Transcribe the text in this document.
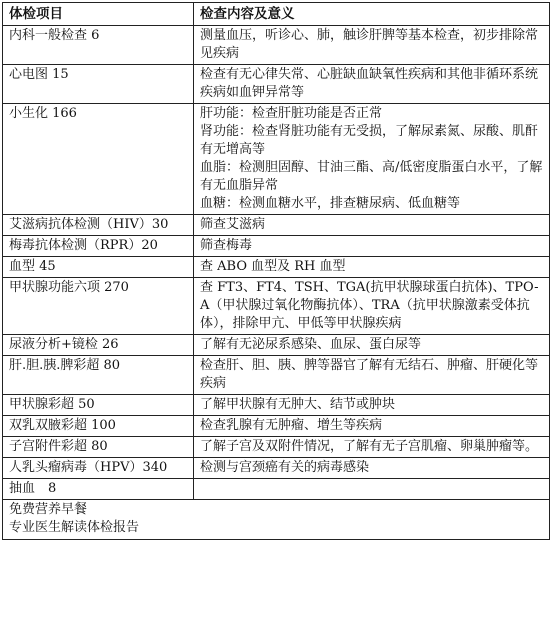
体检项目	检查内容及意义
内科一般检查 6	测量血压，听诊心、肺，触诊肝脾等基本检查，初步排除常见疾病

心电图 15	检查有无心律失常、心脏缺血缺氧性疾病和其他非循环系统疾病如血钾异常等

小生化 166	肝功能：检查肝脏功能是否正常
肾功能：检查肾脏功能有无受损，了解尿素氮、尿酸、肌酐有无增高等
血脂：检测胆固醇、甘油三酯、高/低密度脂蛋白水平，了解有无血脂异常
血糖：检测血糖水平，排查糖尿病、低血糖等

艾滋病抗体检测（HIV）30	筛查艾滋病

梅毒抗体检测（RPR）20	筛查梅毒

血型 45	查 ABO 血型及 RH 血型

甲状腺功能六项 270	查 FT3、FT4、TSH、TGA(抗甲状腺球蛋白抗体)、TPO-A（甲状腺过氧化物酶抗体）、TRA（抗甲状腺激素受体抗体），排除甲亢、甲低等甲状腺疾病

尿液分析+镜检 26	了解有无泌尿系感染、血尿、蛋白尿等

肝.胆.胰.脾彩超 80	检查肝、胆、胰、脾等器官了解有无结石、肿瘤、肝硬化等疾病

甲状腺彩超 50	了解甲状腺有无肿大、结节或肿块

双乳双腋彩超 100	检查乳腺有无肿瘤、增生等疾病

子宫附件彩超 80	了解子宫及双附件情况，了解有无子宫肌瘤、卵巢肿瘤等。

人乳头瘤病毒（HPV）340	检测与宫颈癌有关的病毒感染

抽血　8	

免费营养早餐
专业医生解读体检报告	
